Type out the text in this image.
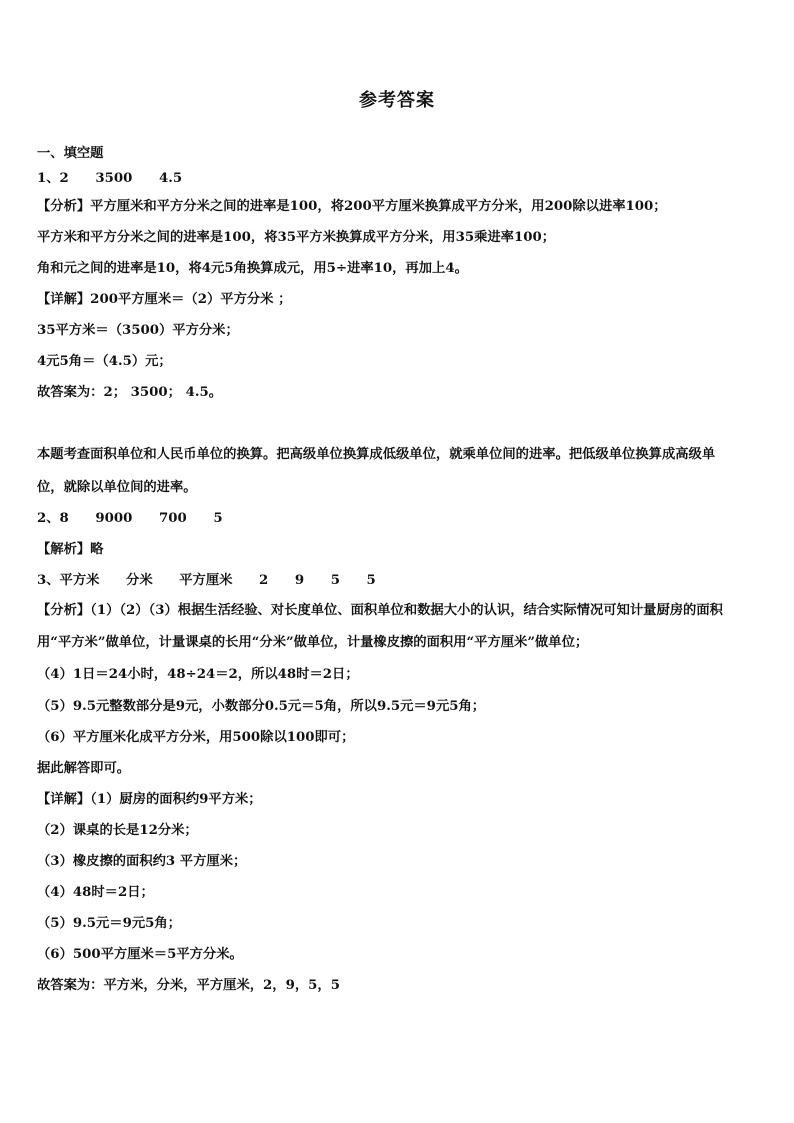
参考答案
一、填空题
1、2　　3500　　4.5
【分析】平方厘米和平方分米之间的进率是100，将200平方厘米换算成平方分米，用200除以进率100；
平方米和平方分米之间的进率是100，将35平方米换算成平方分米，用35乘进率100；
角和元之间的进率是10，将4元5角换算成元，用5÷进率10，再加上4。
【详解】200平方厘米＝（2）平方分米 ；
35平方米＝（3500）平方分米；
4元5角＝（4.5）元；
故答案为：2； 3500； 4.5。
本题考查面积单位和人民币单位的换算。把高级单位换算成低级单位，就乘单位间的进率。把低级单位换算成高级单
位，就除以单位间的进率。
2、8　　9000　　700　　5
【解析】略
3、平方米　　分米　　平方厘米　　2　　9　　5　　5
【分析】（1）（2）（3）根据生活经验、对长度单位、面积单位和数据大小的认识，结合实际情况可知计量厨房的面积
用“平方米”做单位，计量课桌的长用“分米”做单位，计量橡皮擦的面积用“平方厘米”做单位；
（4）1日＝24小时，48÷24＝2，所以48时＝2日；
（5）9.5元整数部分是9元，小数部分0.5元＝5角，所以9.5元＝9元5角；
（6）平方厘米化成平方分米，用500除以100即可；
据此解答即可。
【详解】（1）厨房的面积约9平方米；
（2）课桌的长是12分米；
（3）橡皮擦的面积约3 平方厘米；
（4）48时＝2日；
（5）9.5元＝9元5角；
（6）500平方厘米＝5平方分米。
故答案为：平方米，分米，平方厘米，2，9，5，5
